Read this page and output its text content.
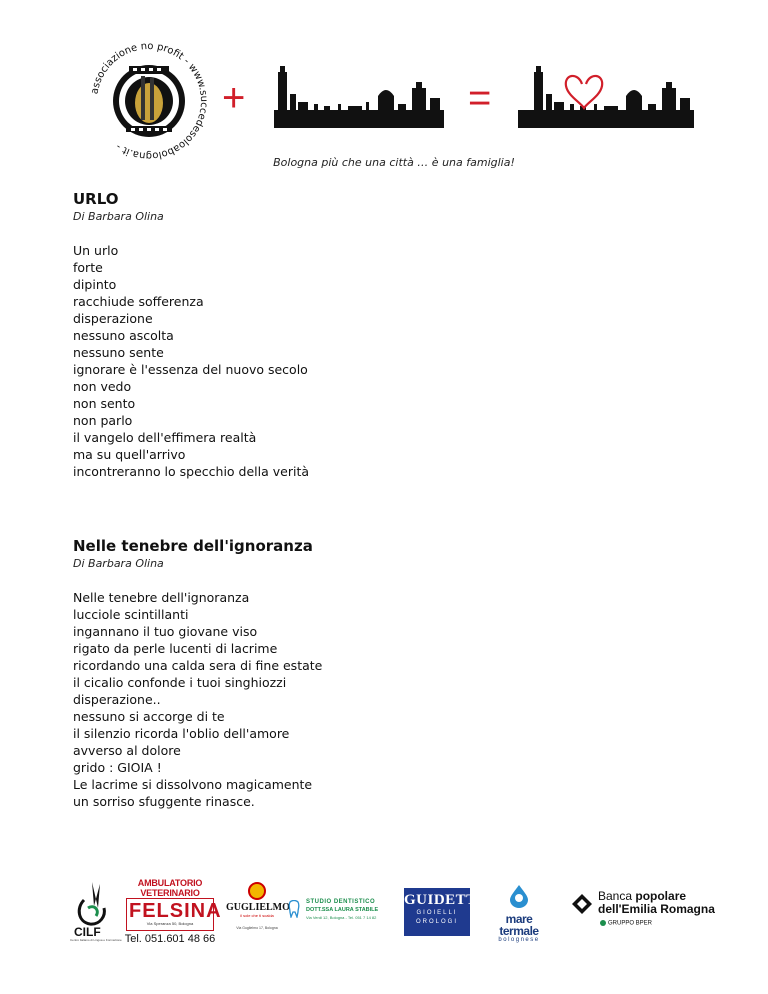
associazione no profit - www.succedesoloabologna.it -
+	=
Bologna più che una città … è una famiglia!
URLO

Di Barbara Olina

Un urlo
forte
dipinto
racchiude sofferenza
disperazione
nessuno ascolta
nessuno sente
ignorare è l'essenza del nuovo secolo
non vedo
non sento
non parlo
il vangelo dell'effimera realtà
ma su quell'arrivo
incontreranno lo specchio della verità
Nelle tenebre dell'ignoranza

Di Barbara Olina

Nelle tenebre dell'ignoranza
lucciole scintillanti
ingannano il tuo giovane viso
rigato da perle lucenti di lacrime
ricordando una calda sera di fine estate
il cicalio confonde i tuoi singhiozzi
disperazione..
nessuno si accorge di te
il silenzio ricorda l'oblio dell'amore
avverso al dolore
grido : GIOIA !
Le lacrime si dissolvono magicamente
un sorriso sfuggente rinasce.
CILF
Centro Italiano di Lingua e Formazione
AMBULATORIO VETERINARIO
FELSINA
Via Speranza 50, Bologna
Tel. 051.601 48 66
GUGLIELMO
il sole che ti scalda
Via Guglielmo 17, Bologna
STUDIO DENTISTICO
DOTT.SSA LAURA STABILE
Via Verdi 12, Bologna - Tel. 051 7 14 82
GUIDETTI
GIOIELLI
OROLOGI	mare termale
bolognese
Banca popolare
dell'Emilia Romagna
GRUPPO BPER
